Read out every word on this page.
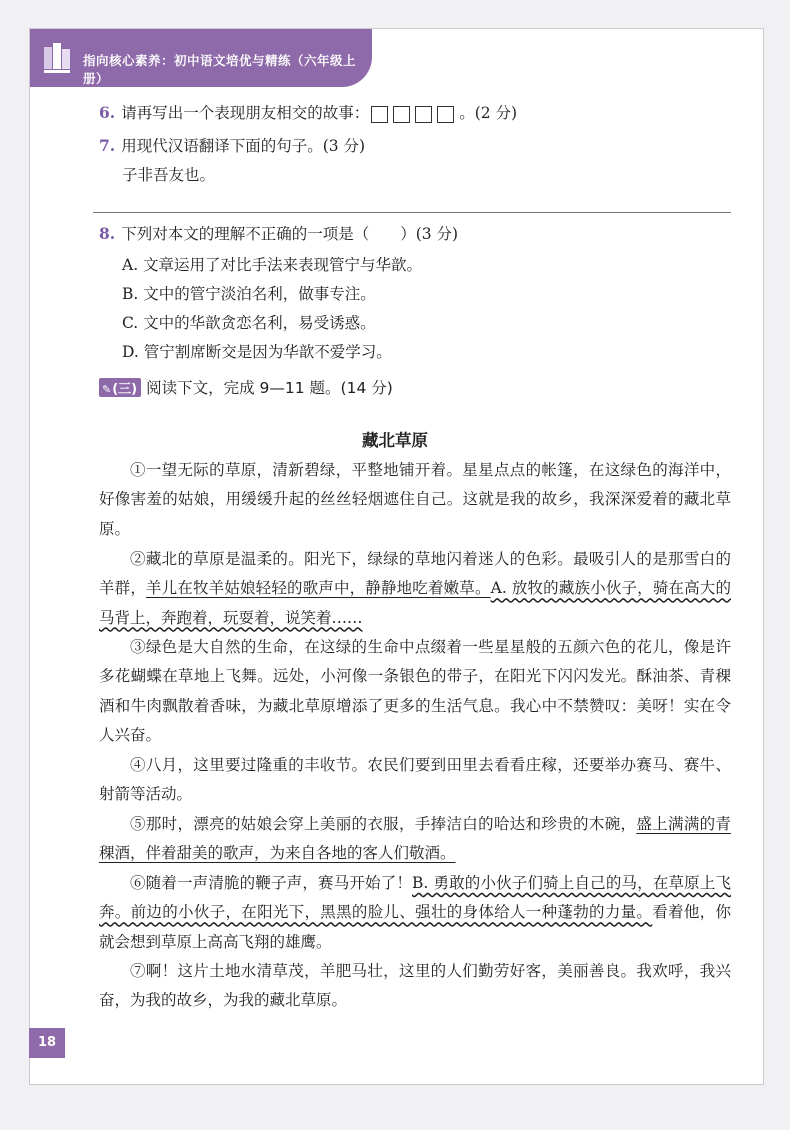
指向核心素养：初中语文培优与精练（六年级上册）
6. 请再写出一个表现朋友相交的故事：	。(2 分)
7. 用现代汉语翻译下面的句子。(3 分)
子非吾友也。
8. 下列对本文的理解不正确的一项是（　　）(3 分)
A. 文章运用了对比手法来表现管宁与华歆。
B. 文中的管宁淡泊名利，做事专注。
C. 文中的华歆贪恋名利，易受诱惑。
D. 管宁割席断交是因为华歆不爱学习。
✎(三) 阅读下文，完成 9—11 题。(14 分)
藏北草原

①一望无际的草原，清新碧绿，平整地铺开着。星星点点的帐篷，在这绿色的海洋中，好像害羞的姑娘，用缓缓升起的丝丝轻烟遮住自己。这就是我的故乡，我深深爱着的藏北草原。

②藏北的草原是温柔的。阳光下，绿绿的草地闪着迷人的色彩。最吸引人的是那雪白的羊群，羊儿在牧羊姑娘轻轻的歌声中，静静地吃着嫩草。A. 放牧的藏族小伙子，骑在高大的马背上，奔跑着，玩耍着，说笑着……

③绿色是大自然的生命，在这绿的生命中点缀着一些星星般的五颜六色的花儿，像是许多花蝴蝶在草地上飞舞。远处，小河像一条银色的带子，在阳光下闪闪发光。酥油茶、青稞酒和牛肉飘散着香味，为藏北草原增添了更多的生活气息。我心中不禁赞叹：美呀！实在令人兴奋。

④八月，这里要过隆重的丰收节。农民们要到田里去看看庄稼，还要举办赛马、赛牛、射箭等活动。

⑤那时，漂亮的姑娘会穿上美丽的衣服，手捧洁白的哈达和珍贵的木碗，盛上满满的青稞酒，伴着甜美的歌声，为来自各地的客人们敬酒。

⑥随着一声清脆的鞭子声，赛马开始了！B. 勇敢的小伙子们骑上自己的马，在草原上飞奔。前边的小伙子，在阳光下，黑黑的脸儿、强壮的身体给人一种蓬勃的力量。看着他，你就会想到草原上高高飞翔的雄鹰。

⑦啊！这片土地水清草茂，羊肥马壮，这里的人们勤劳好客，美丽善良。我欢呼，我兴奋，为我的故乡，为我的藏北草原。

18
